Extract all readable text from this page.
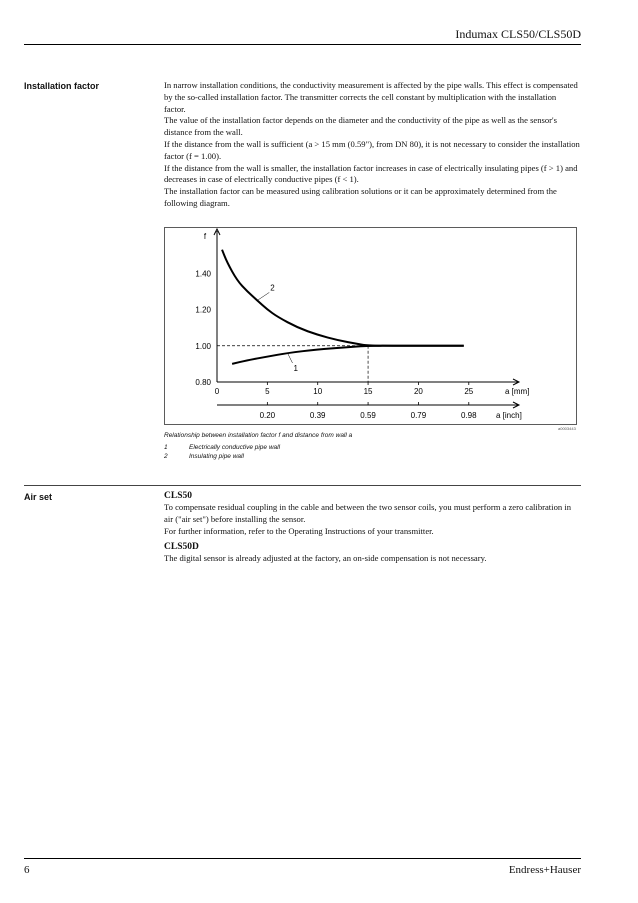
Indumax CLS50/CLS50D
Installation factor	In narrow installation conditions, the conductivity measurement is affected by the pipe walls. This effect is compensated by the so-called installation factor. The transmitter corrects the cell constant by multiplication with the installation factor.

The value of the installation factor depends on the diameter and the conductivity of the pipe as well as the sensor's distance from the wall.

If the distance from the wall is sufficient (a > 15 mm (0.59"), from DN 80), it is not necessary to consider the installation factor (f = 1.00).

If the distance from the wall is smaller, the installation factor increases in case of electrically insulating pipes (f > 1) and decreases in case of electrically conductive pipes (f < 1).

The installation factor can be measured using calibration solutions or it can be approximately determined from the following diagram.

0.80
1.00
1.20
1.40
f
0	5	10	15	20	25	a [mm]
0.20	0.39	0.59	0.79	0.98 a [inch]
1
2
a0003443
Relationship between installation factor f and distance from wall a
1	Electrically conductive pipe wall
2	Insulating pipe wall
Air set	CLS50

To compensate residual coupling in the cable and between the two sensor coils, you must perform a zero calibration in air ("air set") before installing the sensor.

For further information, refer to the Operating Instructions of your transmitter.

CLS50D

The digital sensor is already adjusted at the factory, an on-side compensation is not necessary.

6	Endress+Hauser
